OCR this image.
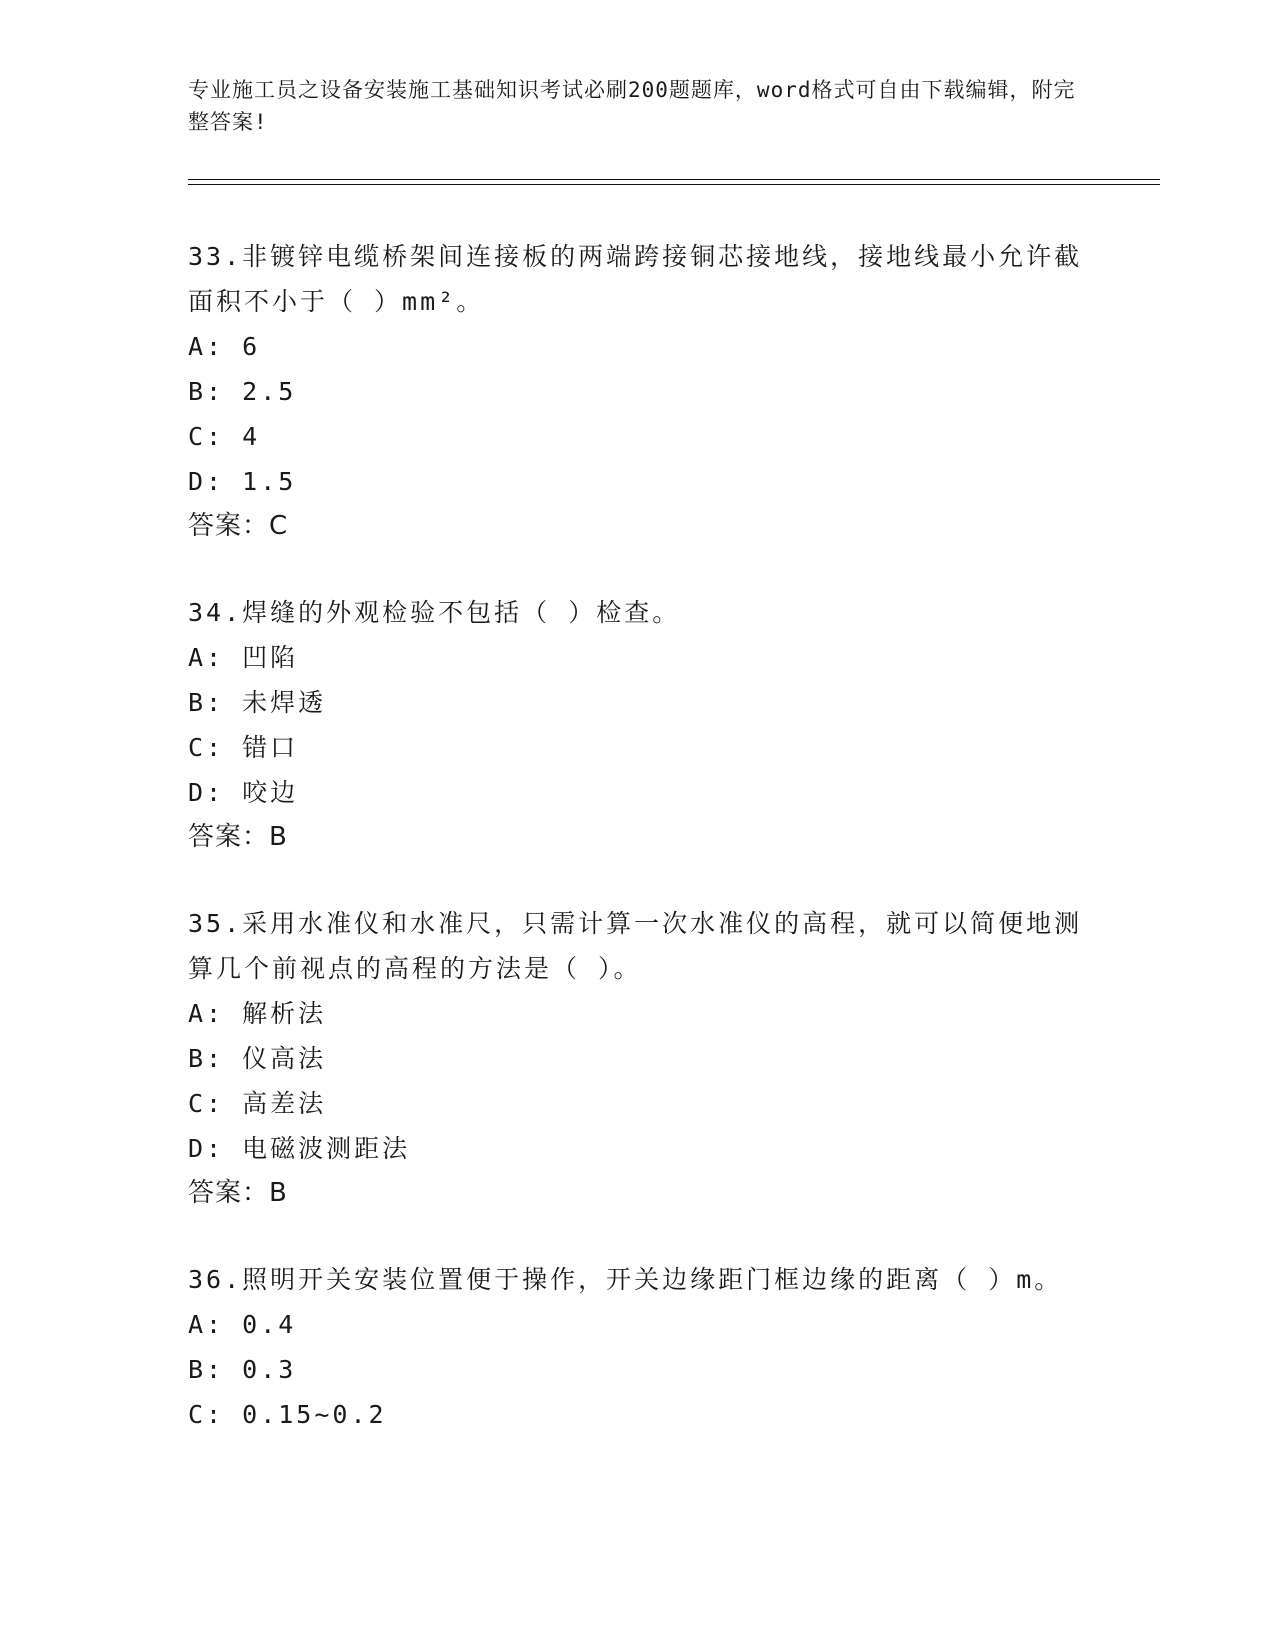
专业施工员之设备安装施工基础知识考试必刷200题题库，word格式可自由下载编辑，附完整答案!
33.非镀锌电缆桥架间连接板的两端跨接铜芯接地线，接地线最小允许截面积不小于（ ）mm²。
A: 6
B: 2.5
C: 4
D: 1.5
答案：C
34.焊缝的外观检验不包括（ ）检查。
A: 凹陷
B: 未焊透
C: 错口
D: 咬边
答案：B
35.采用水准仪和水准尺，只需计算一次水准仪的高程，就可以简便地测算几个前视点的高程的方法是（ ）。
A: 解析法
B: 仪高法
C: 高差法
D: 电磁波测距法
答案：B
36.照明开关安装位置便于操作，开关边缘距门框边缘的距离（ ）m。
A: 0.4
B: 0.3
C: 0.15~0.2
